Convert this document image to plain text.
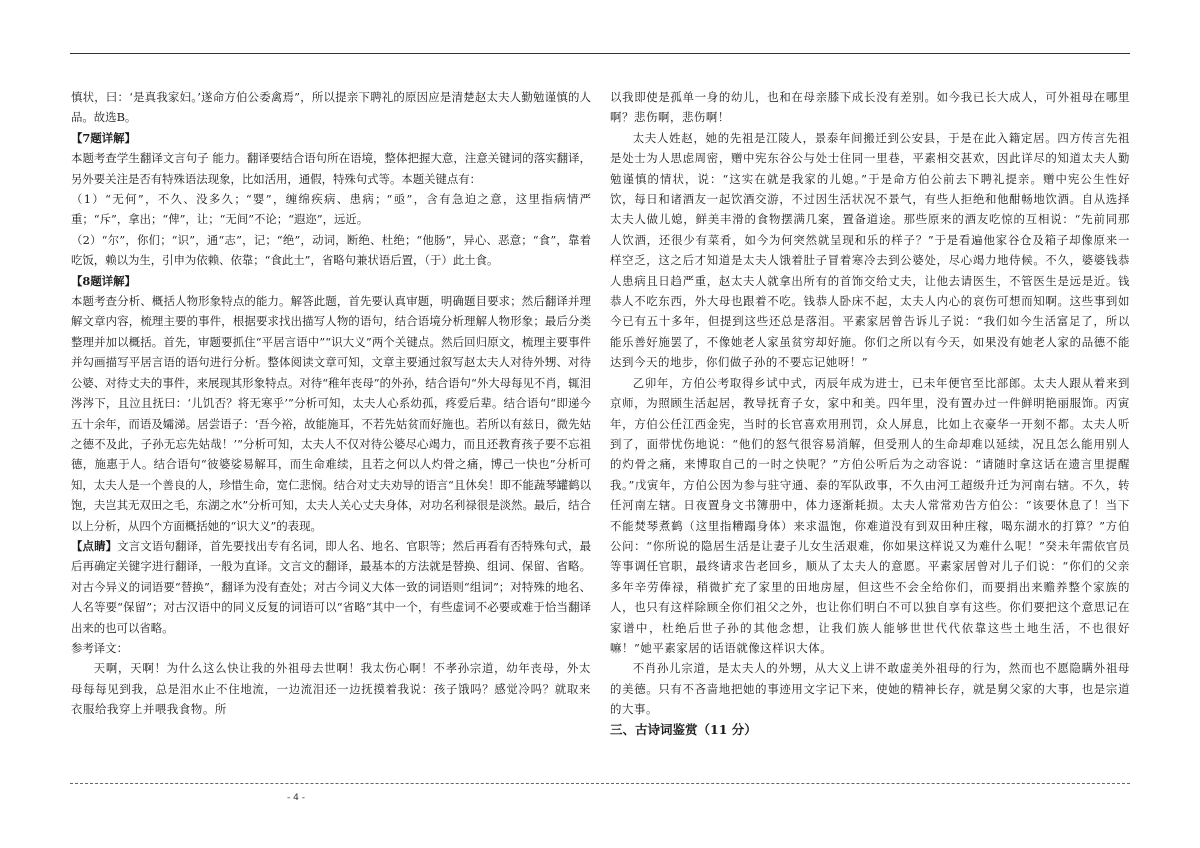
慎状，曰：‘是真我家妇。’遂命方伯公委禽焉”，所以提亲下聘礼的原因应是清楚赵太夫人勤勉谨慎的人品。故选B。

【7题详解】

本题考查学生翻译文言句子 能力。翻译要结合语句所在语境，整体把握大意，注意关键词的落实翻译，另外要关注是否有特殊语法现象，比如活用，通假，特殊句式等。本题关键点有：

（1）“无何”，不久、没多久；“婴”，缠绵疾病、患病；“亟”，含有急迫之意，这里指病情严重；“斥”，拿出；“俾”，让；“无间”不论；“遐迩”，远近。

（2）“尔”，你们；“识”，通“志”，记；“绝”，动词，断绝、杜绝；“他肠”，异心、恶意；“食”，靠着吃饭，赖以为生，引申为依赖、依靠；“食此土”，省略句兼状语后置，（于）此土食。

【8题详解】

本题考查分析、概括人物形象特点的能力。解答此题，首先要认真审题，明确题目要求；然后翻译并理解文章内容，梳理主要的事件，根据要求找出描写人物的语句，结合语境分析理解人物形象；最后分类整理并加以概括。首先，审题要抓住“平居言语中”“识大义”两个关键点。然后回归原文，梳理主要事件并勾画描写平居言语的语句进行分析。整体阅读文章可知，文章主要通过叙写赵太夫人对待外甥、对待公婆、对待丈夫的事件，来展现其形象特点。对待“稚年丧母”的外孙，结合语句“外大母每见不肖，辄泪涔涔下，且泣且抚曰：‘儿饥否？将无寒乎’”分析可知，太夫人心系幼孤，疼爱后辈。结合语句“即递今五十余年，而语及孀涕。居尝语子：‘吾今裕，故能施耳，不若先姑贫而好施也。若所以有兹日，微先姑之德不及此，子孙无忘先姑哉！’”分析可知，太夫人不仅对待公婆尽心竭力，而且还教育孩子要不忘祖德，施惠于人。结合语句“彼婆娑易解耳，而生命难续，且若之何以人灼骨之痛，博己一快也”分析可知，太夫人是一个善良的人，珍惜生命，宽仁悲悯。结合对丈夫劝导的语言“且休矣！即不能蔬琴罐鹤以饱，夫岂其无双田之毛，东湖之水”分析可知，太夫人关心丈夫身体，对功名利禄很是淡然。最后，结合以上分析，从四个方面概括她的“识大义”的表现。

【点睛】文言文语句翻译，首先要找出专有名词，即人名、地名、官职等；然后再看有否特殊句式，最后再确定关键字进行翻译，一般为直译。文言文的翻译，最基本的方法就是替换、组词、保留、省略。对古今异义的词语要“替换”，翻译为没有查处；对古今词义大体一致的词语则“组词”；对特殊的地名、人名等要“保留”；对古汉语中的同义反复的词语可以“省略”其中一个，有些虚词不必要或难于恰当翻译出来的也可以省略。

参考译文：

天啊，天啊！为什么这么快让我的外祖母去世啊！我太伤心啊！不孝孙宗道，幼年丧母，外太母每每见到我，总是泪水止不住地流，一边流泪还一边抚摸着我说：孩子饿吗？感觉冷吗？就取来衣服给我穿上并喂我食物。所

以我即使是孤单一身的幼儿，也和在母亲膝下成长没有差别。如今我已长大成人，可外祖母在哪里啊？悲伤啊，悲伤啊！

太夫人姓赵，她的先祖是江陵人，景泰年间搬迁到公安县，于是在此入籍定居。四方传言先祖是处士为人思虑周密，赠中宪东谷公与处士住同一里巷，平素相交甚欢，因此详尽的知道太夫人勤勉谨慎的情状，说：“这实在就是我家的儿媳。”于是命方伯公前去下聘礼提亲。赠中宪公生性好饮，每日和诸酒友一起饮酒交游，不过因生活状况不景气，有些人拒绝和他酣畅地饮酒。自从选择太夫人做儿媳，鲜美丰滑的食物摆满几案，置备道途。那些原来的酒友吃惊的互相说：“先前同那人饮酒，还很少有菜肴，如今为何突然就呈现和乐的样子？”于是看遍他家谷仓及箱子却像原来一样空乏，这之后才知道是太夫人饿着肚子冒着寒冷去到公婆处，尽心竭力地侍候。不久，婆婆钱恭人患病且日趋严重，赵太夫人就拿出所有的首饰交给丈夫，让他去请医生，不管医生是远是近。钱恭人不吃东西，外大母也跟着不吃。钱恭人卧床不起，太夫人内心的哀伤可想而知啊。这些事到如今已有五十多年，但提到这些还总是落泪。平素家居曾告诉儿子说：“我们如今生活富足了，所以能乐善好施罢了，不像她老人家虽贫穷却好施。你们之所以有今天，如果没有她老人家的品德不能达到今天的地步，你们做子孙的不要忘记她呀！”

乙卯年，方伯公考取得乡试中式，丙辰年成为进士，已未年便官至比部郎。太夫人跟从着来到京师，为照顾生活起居，教导抚育子女，家中和美。四年里，没有置办过一件鲜明艳丽服饰。丙寅年，方伯公任江西金宪，当时的长官喜欢用刑罚，众人屏息，比如上衣豪华一开刻不都。太夫人听到了，面带忧伤地说：“他们的怒气很容易消解，但受刑人的生命却难以延续，况且怎么能用别人的灼骨之痛，来博取自己的一时之快呢？”方伯公听后为之动容说：“请随时拿这话在遗言里提醒我。”戊寅年，方伯公因为参与驻守通、泰的军队政事，不久由河工超级升迁为河南右辖。不久，转任河南左辖。日夜置身文书簿册中，体力逐渐耗损。太夫人常常劝告方伯公：“该要休息了！当下不能焚琴煮鹤（这里指糟蹋身体）来求温饱，你难道没有到双田种庄稼，喝东湖水的打算？”方伯公问：“你所说的隐居生活是让妻子儿女生活艰难，你如果这样说又为难什么呢！”癸未年需依官员等事调任官职，最终请求告老回乡，顺从了太夫人的意愿。平素家居曾对儿子们说：“你们的父亲多年辛劳俸禄，稍微扩充了家里的田地房屋，但这些不会全给你们，而要捐出来赡养整个家族的人，也只有这样除顾全你们祖父之外，也让你们明白不可以独自享有这些。你们要把这个意思记在家谱中，杜绝后世子孙的其他念想，让我们族人能够世世代代依靠这些土地生活，不也很好嘛！”她平素家居的话语就像这样识大体。

不肖孙儿宗道，是太夫人的外甥，从大义上讲不敢虚美外祖母的行为，然而也不愿隐瞒外祖母的美德。只有不吝啬地把她的事迹用文字记下来，使她的精神长存，就是舅父家的大事，也是宗道的大事。

三、古诗词鉴赏（11 分）

- 4 -
